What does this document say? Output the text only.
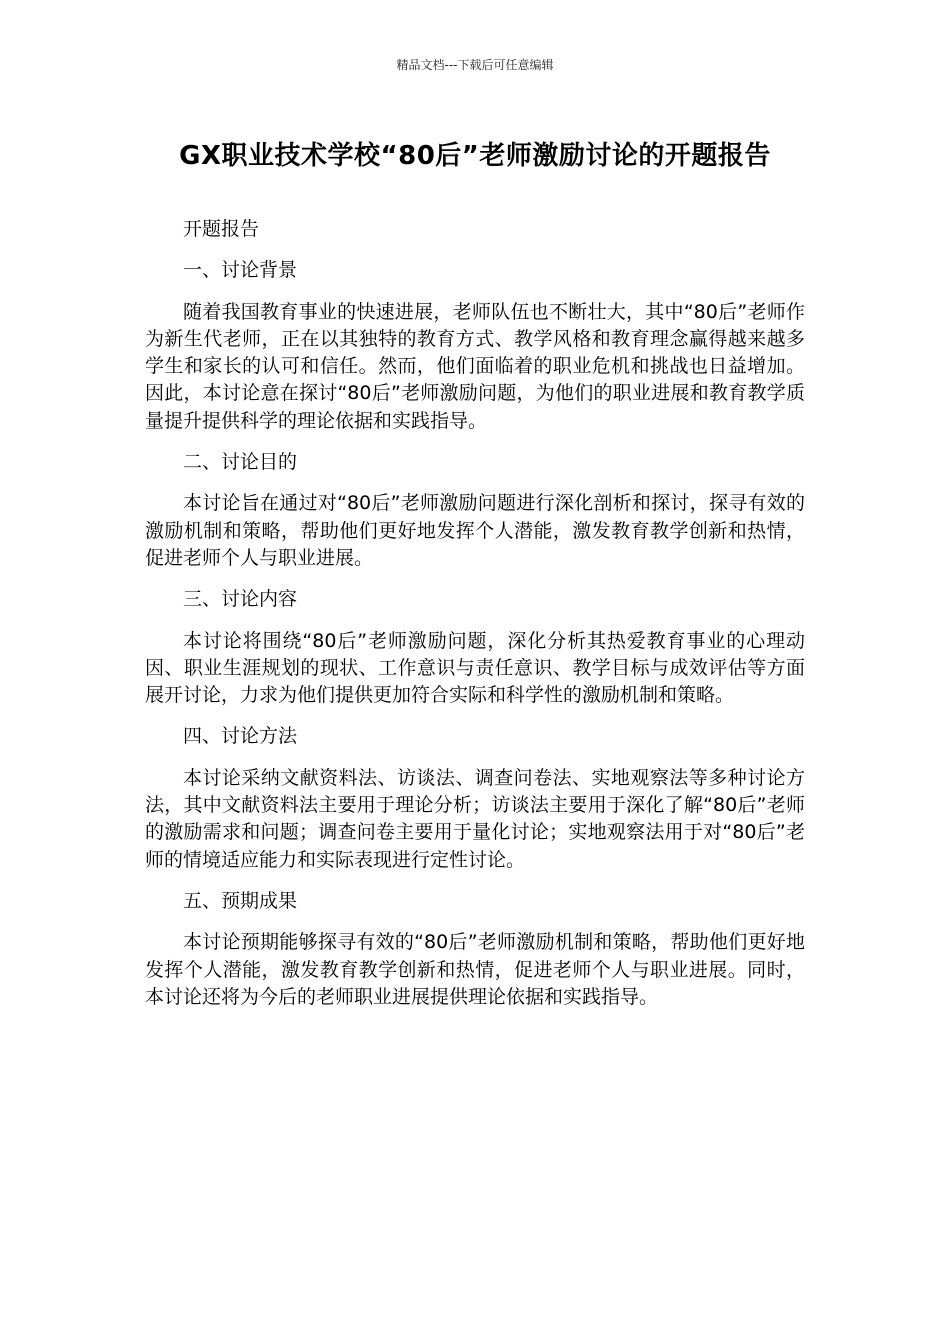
精品文档---下载后可任意编辑
GX职业技术学校“80后”老师激励讨论的开题报告

开题报告

一、讨论背景

随着我国教育事业的快速进展，老师队伍也不断壮大，其中“80后”老师作为新生代老师，正在以其独特的教育方式、教学风格和教育理念赢得越来越多学生和家长的认可和信任。然而，他们面临着的职业危机和挑战也日益增加。因此，本讨论意在探讨“80后”老师激励问题，为他们的职业进展和教育教学质量提升提供科学的理论依据和实践指导。

二、讨论目的

本讨论旨在通过对“80后”老师激励问题进行深化剖析和探讨，探寻有效的激励机制和策略，帮助他们更好地发挥个人潜能，激发教育教学创新和热情，促进老师个人与职业进展。

三、讨论内容

本讨论将围绕“80后”老师激励问题，深化分析其热爱教育事业的心理动因、职业生涯规划的现状、工作意识与责任意识、教学目标与成效评估等方面展开讨论，力求为他们提供更加符合实际和科学性的激励机制和策略。

四、讨论方法

本讨论采纳文献资料法、访谈法、调查问卷法、实地观察法等多种讨论方法，其中文献资料法主要用于理论分析；访谈法主要用于深化了解“80后”老师的激励需求和问题；调查问卷主要用于量化讨论；实地观察法用于对“80后”老师的情境适应能力和实际表现进行定性讨论。

五、预期成果

本讨论预期能够探寻有效的“80后”老师激励机制和策略，帮助他们更好地发挥个人潜能，激发教育教学创新和热情，促进老师个人与职业进展。同时，本讨论还将为今后的老师职业进展提供理论依据和实践指导。
